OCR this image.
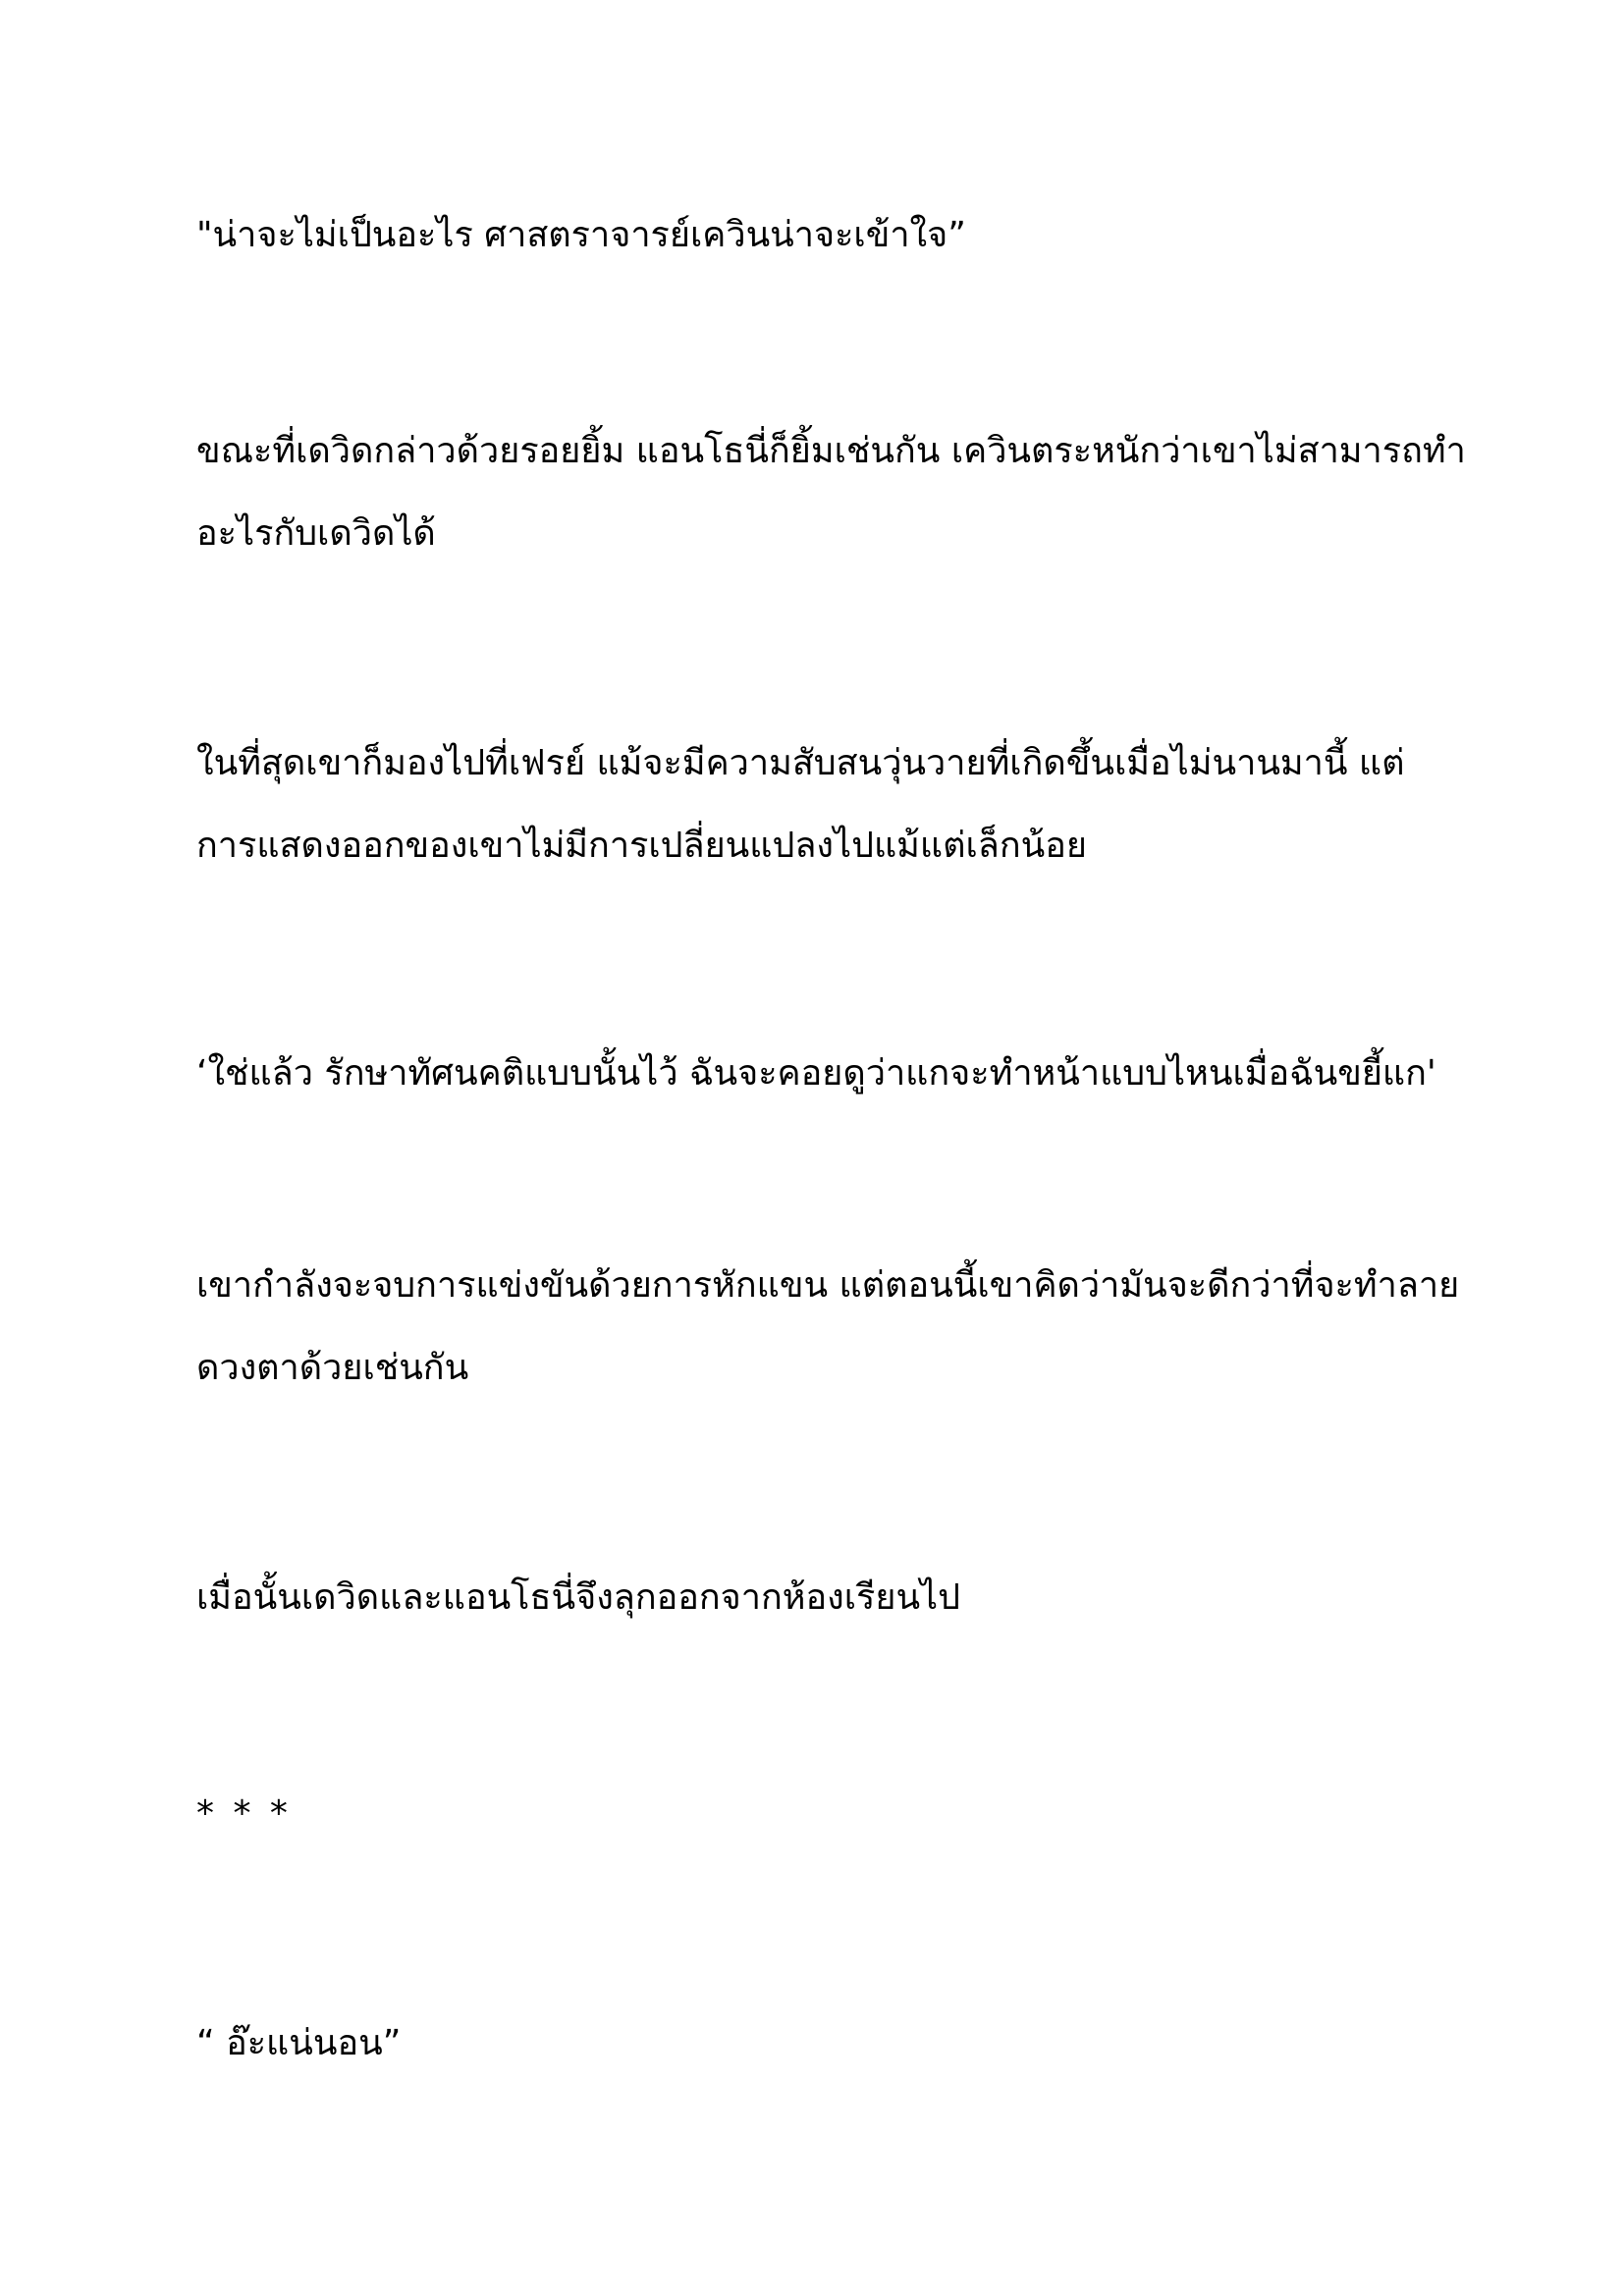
"น่าจะไม่เป็นอะไร ศาสตราจารย์เควินน่าจะเข้าใจ”
ขณะที่เดวิดกล่าวด้วยรอยยิ้ม แอนโธนี่ก็ยิ้มเช่นกัน เควินตระหนักว่าเขาไม่สามารถทำ
อะไรกับเดวิดได้
ในที่สุดเขาก็มองไปที่เฟรย์ แม้จะมีความสับสนวุ่นวายที่เกิดขึ้นเมื่อไม่นานมานี้ แต่
การแสดงออกของเขาไม่มีการเปลี่ยนแปลงไปแม้แต่เล็กน้อย
‘ใช่แล้ว รักษาทัศนคติแบบนั้นไว้ ฉันจะคอยดูว่าแกจะทำหน้าแบบไหนเมื่อฉันขยี้แก'
เขากำลังจะจบการแข่งขันด้วยการหักแขน แต่ตอนนี้เขาคิดว่ามันจะดีกว่าที่จะทำลาย
ดวงตาด้วยเช่นกัน
เมื่อนั้นเดวิดและแอนโธนี่จึงลุกออกจากห้องเรียนไป
* * *
“ อ๊ะแน่นอน”
